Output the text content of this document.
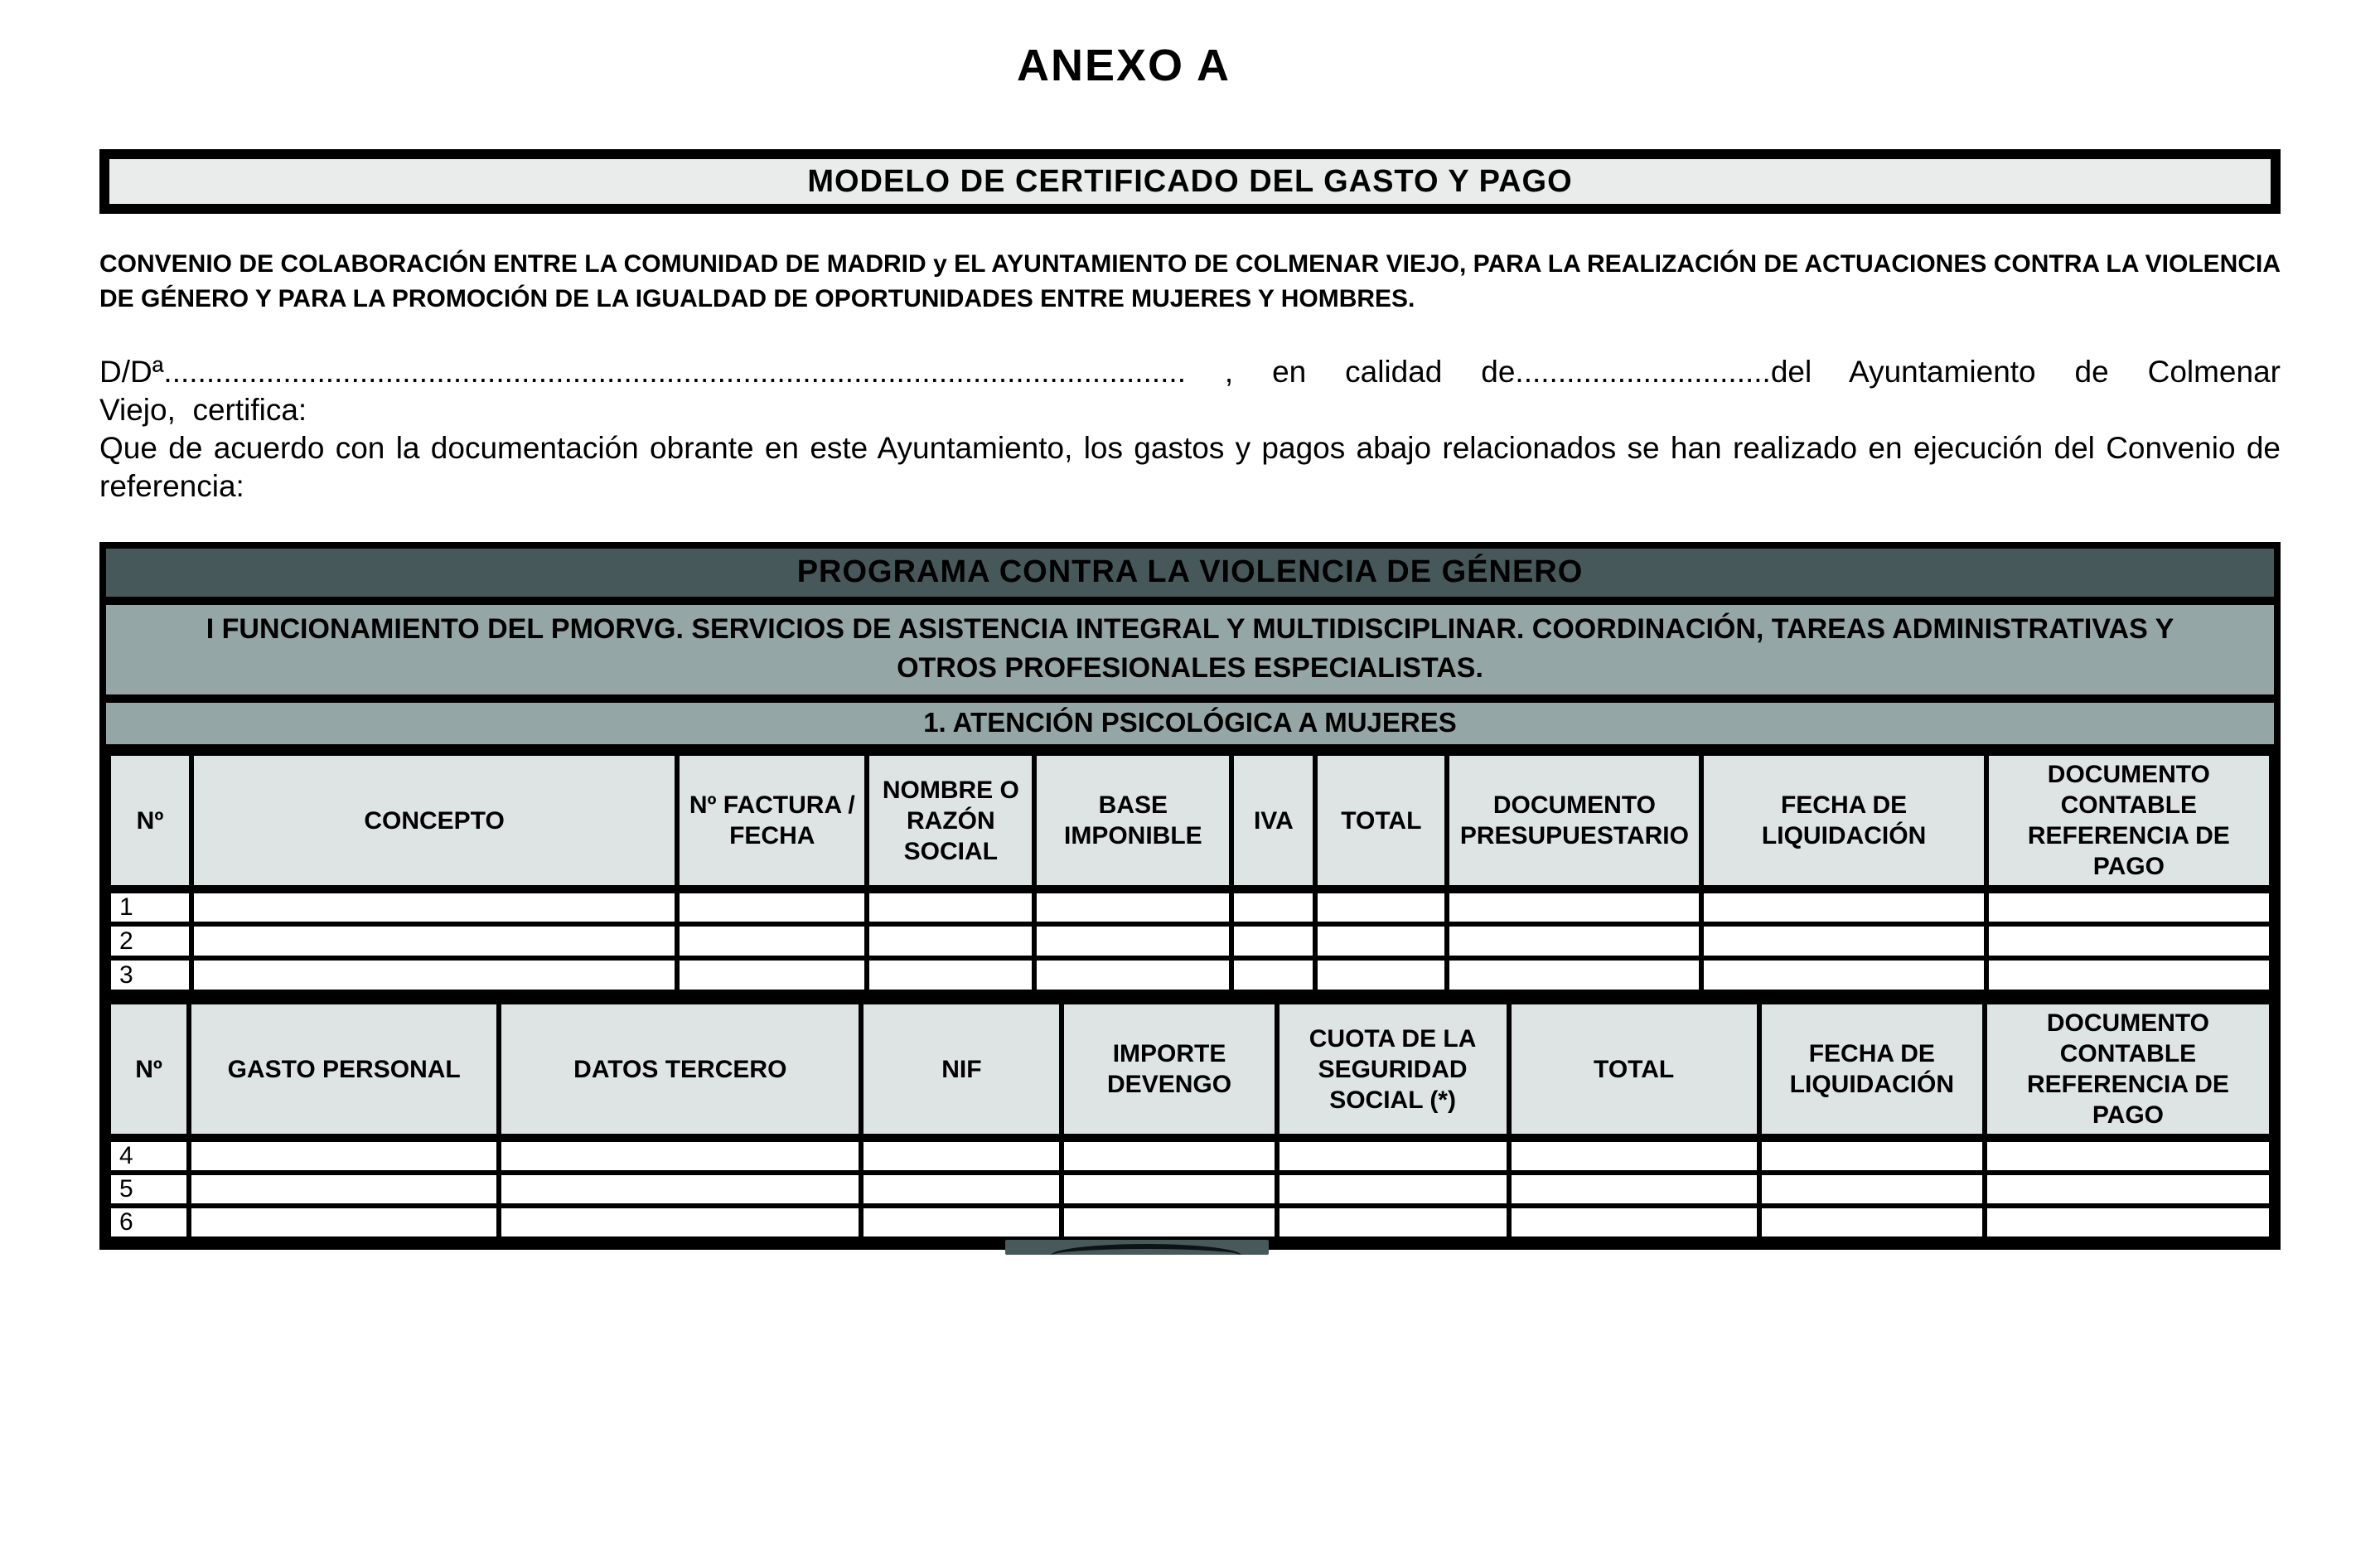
ANEXO A
MODELO DE CERTIFICADO DEL GASTO Y PAGO

CONVENIO DE COLABORACIÓN ENTRE LA COMUNIDAD DE MADRID y EL AYUNTAMIENTO DE COLMENAR VIEJO, PARA LA REALIZACIÓN DE ACTUACIONES CONTRA LA VIOLENCIA DE GÉNERO Y PARA LA PROMOCIÓN DE LA IGUALDAD DE OPORTUNIDADES ENTRE MUJERES Y HOMBRES.

D/Dª........................................................................................................................ , en calidad de..............................del Ayuntamiento de Colmenar Viejo,  certifica:

Que de acuerdo con la documentación obrante en este Ayuntamiento, los gastos y pagos abajo relacionados se han realizado en ejecución del Convenio de referencia:

PROGRAMA CONTRA LA VIOLENCIA DE GÉNERO
I FUNCIONAMIENTO DEL PMORVG. SERVICIOS DE ASISTENCIA INTEGRAL Y MULTIDISCIPLINAR. COORDINACIÓN, TAREAS ADMINISTRATIVAS Y OTROS PROFESIONALES ESPECIALISTAS.
1. ATENCIÓN PSICOLÓGICA A MUJERES
Nº	CONCEPTO	Nº FACTURA / FECHA	NOMBRE O RAZÓN SOCIAL	BASE IMPONIBLE	IVA	TOTAL	DOCUMENTO PRESUPUESTARIO	FECHA DE LIQUIDACIÓN	DOCUMENTO CONTABLE REFERENCIA DE PAGO
1									
2									
3									
Nº	GASTO PERSONAL	DATOS TERCERO	NIF	IMPORTE DEVENGO	CUOTA DE LA SEGURIDAD SOCIAL (*)	TOTAL	FECHA DE LIQUIDACIÓN	DOCUMENTO CONTABLE REFERENCIA DE PAGO
4								
5								
6								
